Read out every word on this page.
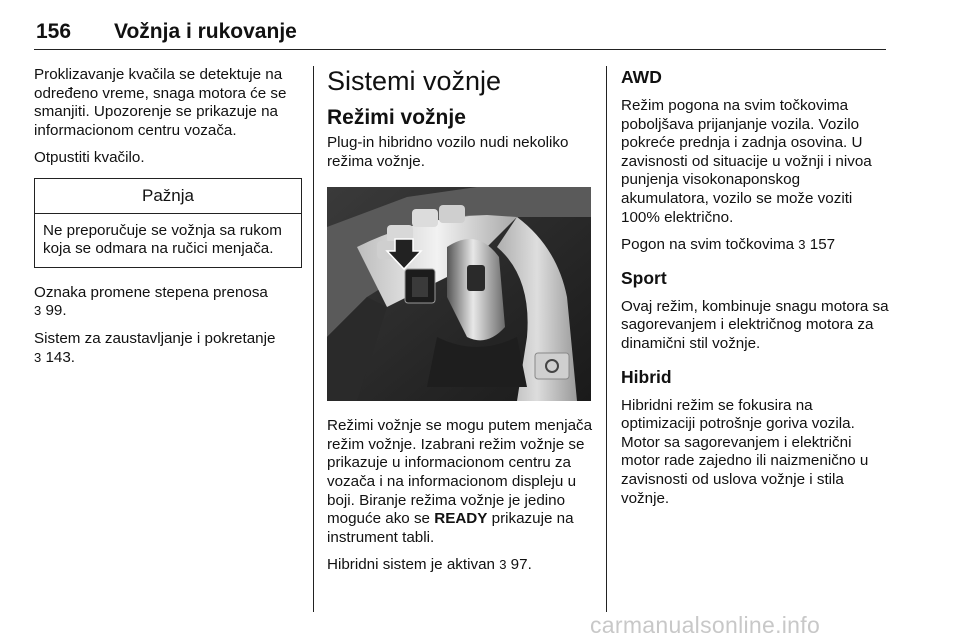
156 Vožnja i rukovanje

Proklizavanje kvačila se detektuje na određeno vreme, snaga motora će se smanjiti. Upozorenje se prikazuje na informacionom centru vozača.

Otpustiti kvačilo.

Pažnja
Ne preporučuje se vožnja sa rukom koja se odmara na ručici menjača.

Oznaka promene stepena prenosa
3 99.

Sistem za zaustavljanje i pokretanje
3 143.

Sistemi vožnje
Režimi vožnje

Plug-in hibridno vozilo nudi nekoliko režima vožnje.

Režimi vožnje se mogu putem menjača režim vožnje. Izabrani režim vožnje se prikazuje u informacionom centru za vozača i na informacionom displeju u boji. Biranje režima vožnje je jedino moguće ako se READY prikazuje na instrument tabli.

Hibridni sistem je aktivan 3 97.

AWD

Režim pogona na svim točkovima poboljšava prijanjanje vozila. Vozilo pokreće prednja i zadnja osovina. U zavisnosti od situacije u vožnji i nivoa punjenja visokonaponskog akumulatora, vozilo se može voziti 100% električno.

Pogon na svim točkovima 3 157

Sport

Ovaj režim, kombinuje snagu motora sa sagorevanjem i električnog motora za dinamični stil vožnje.

Hibrid

Hibridni režim se fokusira na optimizaciji potrošnje goriva vozila. Motor sa sagorevanjem i električni motor rade zajedno ili naizmenično u zavisnosti od uslova vožnje i stila vožnje.

carmanualsonline.info
